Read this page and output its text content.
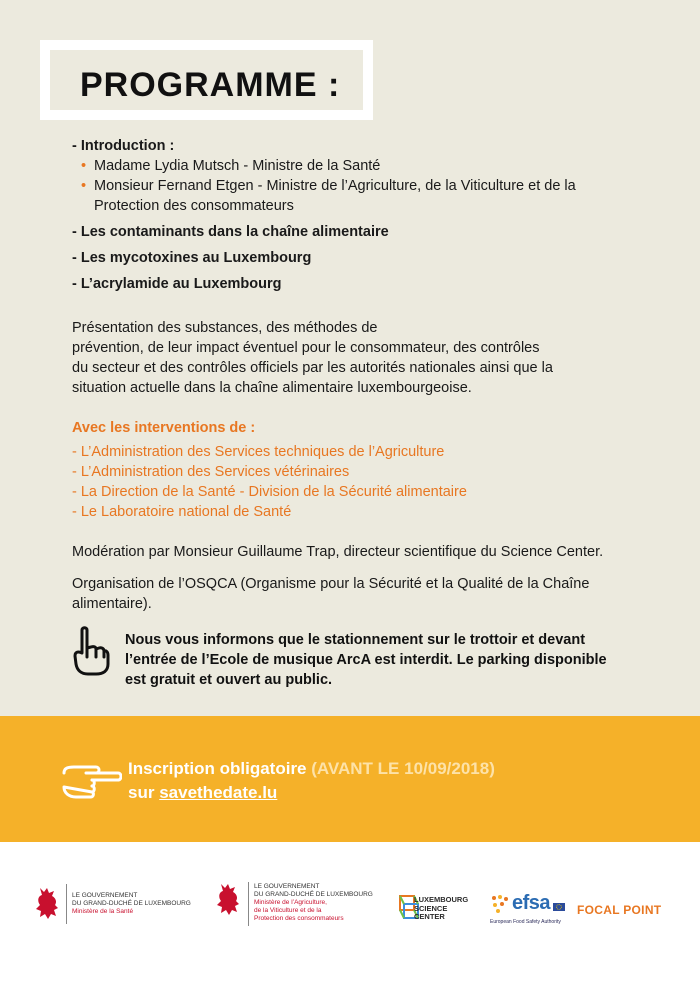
PROGRAMME :

- Introduction :

• Madame Lydia Mutsch - Ministre de la Santé

• Monsieur Fernand Etgen - Ministre de l’Agriculture, de la Viticulture et de la

Protection des consommateurs

- Les contaminants dans la chaîne alimentaire

- Les mycotoxines au Luxembourg

- L’acrylamide au Luxembourg

Présentation des substances, des méthodes de

prévention, de leur impact éventuel pour le consommateur, des contrôles

du secteur et des contrôles officiels par les autorités nationales ainsi que la

situation actuelle dans la chaîne alimentaire luxembourgeoise.

Avec les interventions de :

- L’Administration des Services techniques de l’Agriculture

- L’Administration des Services vétérinaires

- La Direction de la Santé - Division de la Sécurité alimentaire

- Le Laboratoire national de Santé

Modération par Monsieur Guillaume Trap, directeur scientifique du Science Center.

Organisation de l’OSQCA (Organisme pour la Sécurité et la Qualité de la Chaîne

alimentaire).

Nous vous informons que le stationnement sur le trottoir et devant
l’entrée de l’Ecole de musique ArcA est interdit. Le parking disponible
est gratuit et ouvert au public.
Inscription obligatoire (AVANT LE 10/09/2018)
sur savethedate.lu
LE GOUVERNEMENT
DU GRAND-DUCHÉ DE LUXEMBOURG
Ministère de la Santé
LE GOUVERNEMENT
DU GRAND-DUCHÉ DE LUXEMBOURG
Ministère de l’Agriculture,
de la Viticulture et de la
Protection des consommateurs
LUXEMBOURG
SCIENCE
CENTER
efsa
European Food Safety Authority
FOCAL POINT
